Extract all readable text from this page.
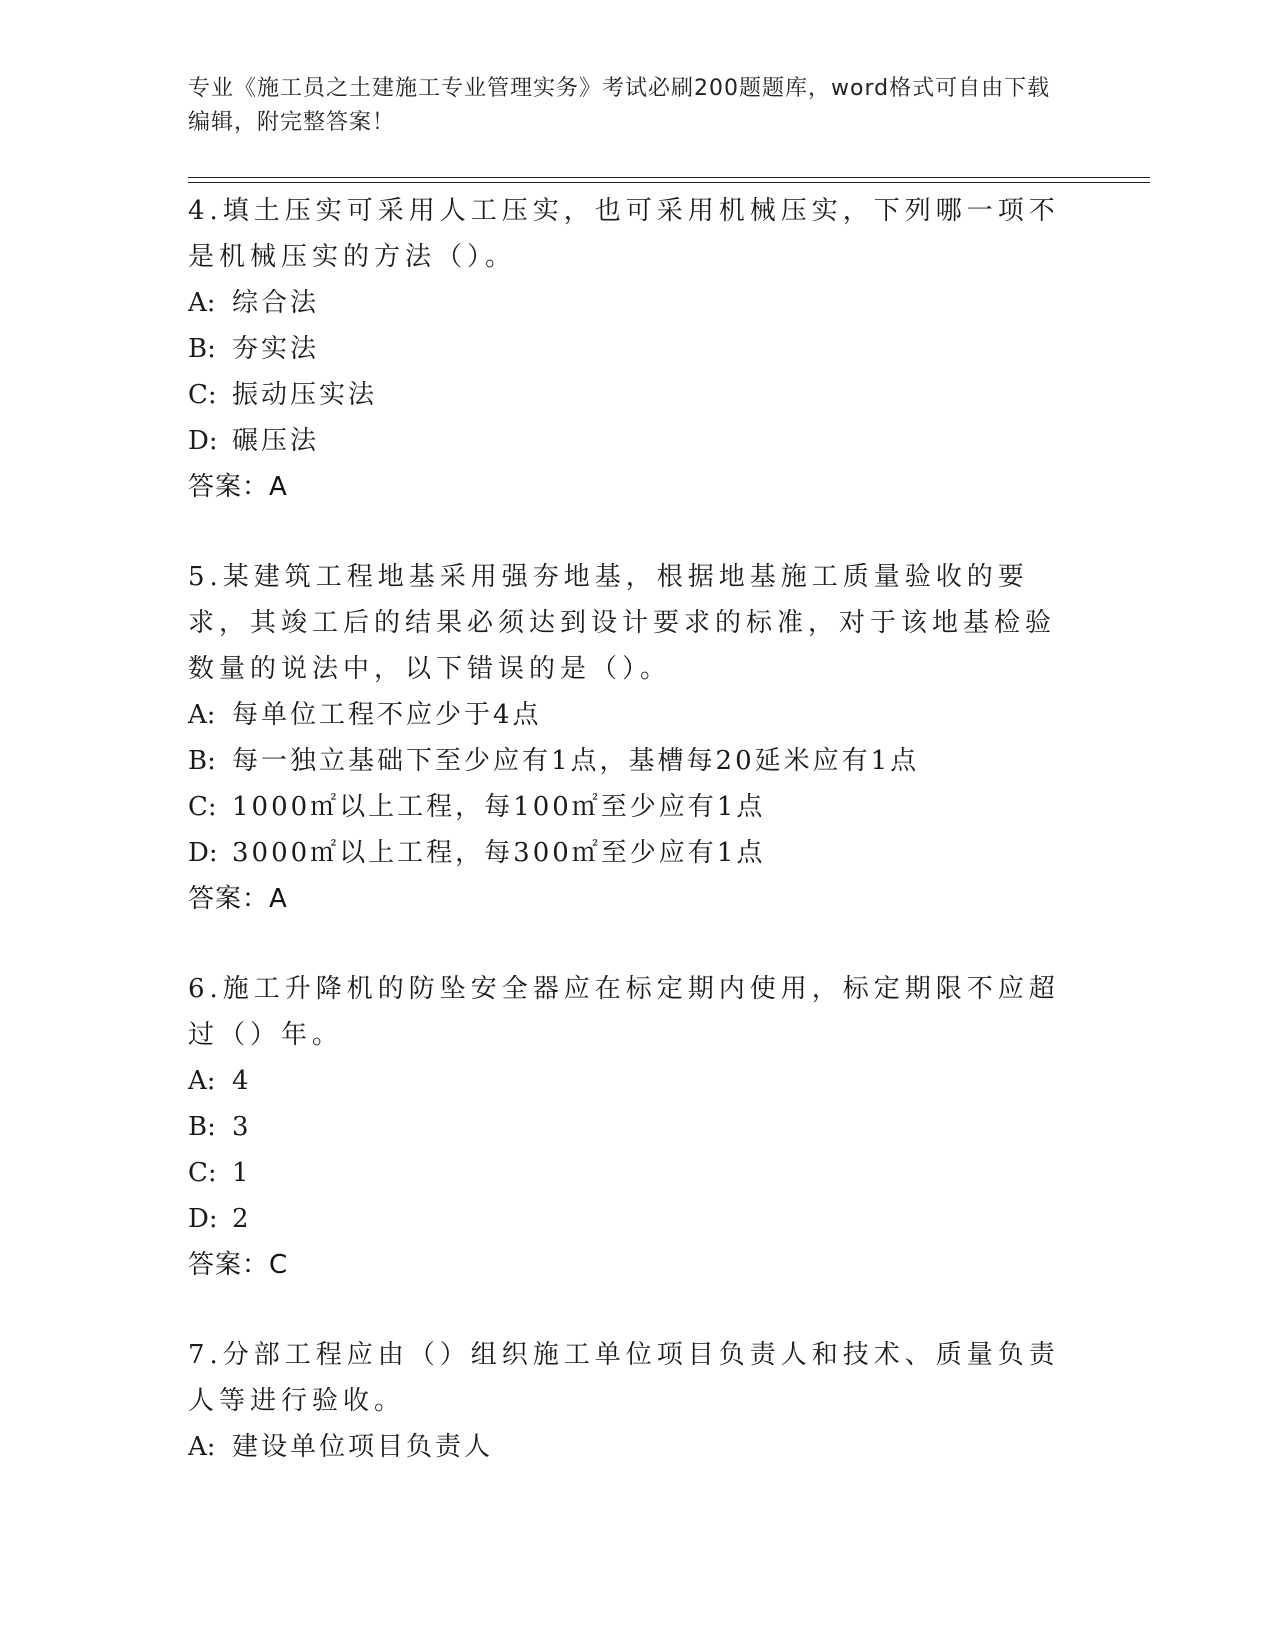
专业《施工员之土建施工专业管理实务》考试必刷200题题库，word格式可自由下载编辑，附完整答案！

4.填土压实可采用人工压实，也可采用机械压实，下列哪一项不是机械压实的方法（）。

A: 综合法

B: 夯实法

C: 振动压实法

D: 碾压法

答案：A

5.某建筑工程地基采用强夯地基，根据地基施工质量验收的要求，其竣工后的结果必须达到设计要求的标准，对于该地基检验数量的说法中，以下错误的是（）。

A: 每单位工程不应少于4点

B: 每一独立基础下至少应有1点，基槽每20延米应有1点

C: 1000㎡以上工程，每100㎡至少应有1点

D: 3000㎡以上工程，每300㎡至少应有1点

答案：A

6.施工升降机的防坠安全器应在标定期内使用，标定期限不应超过（）年。

A: 4

B: 3

C: 1

D: 2

答案：C

7.分部工程应由（）组织施工单位项目负责人和技术、质量负责人等进行验收。

A: 建设单位项目负责人
